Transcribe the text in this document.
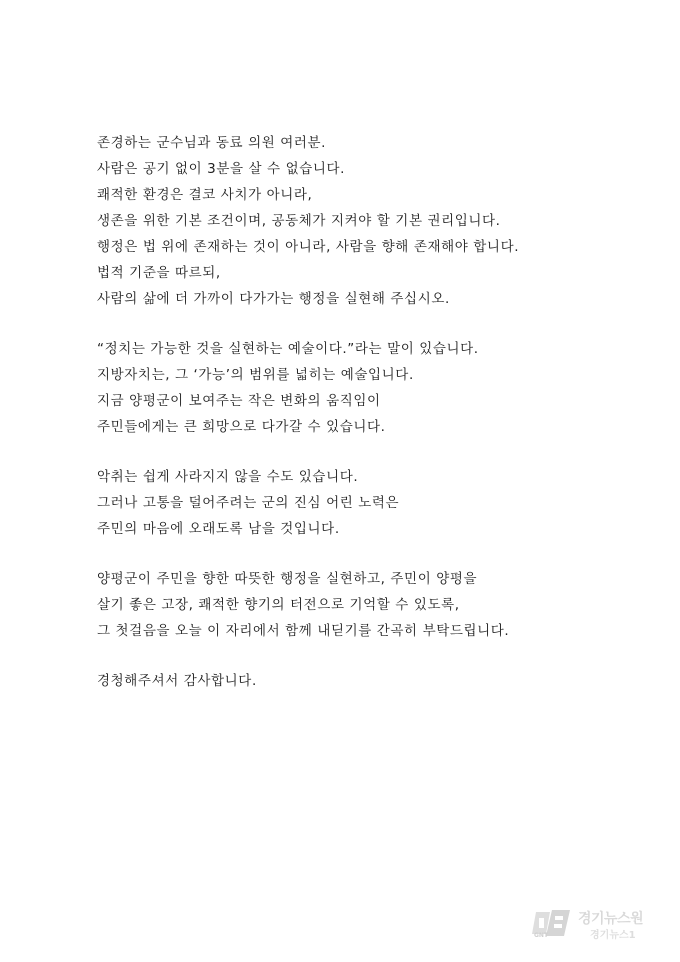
존경하는 군수님과 동료 의원 여러분.
사람은 공기 없이 3분을 살 수 없습니다.
쾌적한 환경은 결코 사치가 아니라,
생존을 위한 기본 조건이며, 공동체가 지켜야 할 기본 권리입니다.
행정은 법 위에 존재하는 것이 아니라, 사람을 향해 존재해야 합니다.
법적 기준을 따르되,
사람의 삶에 더 가까이 다가가는 행정을 실현해 주십시오.
“정치는 가능한 것을 실현하는 예술이다.”라는 말이 있습니다.
지방자치는, 그 ‘가능’의 범위를 넓히는 예술입니다.
지금 양평군이 보여주는 작은 변화의 움직임이
주민들에게는 큰 희망으로 다가갈 수 있습니다.
악취는 쉽게 사라지지 않을 수도 있습니다.
그러나 고통을 덜어주려는 군의 진심 어린 노력은
주민의 마음에 오래도록 남을 것입니다.
양평군이 주민을 향한 따뜻한 행정을 실현하고, 주민이 양평을
살기 좋은 고장, 쾌적한 향기의 터전으로 기억할 수 있도록,
그 첫걸음을 오늘 이 자리에서 함께 내딛기를 간곡히 부탁드립니다.
경청해주셔서 감사합니다.
GNT
경기뉴스원
경기뉴스1
